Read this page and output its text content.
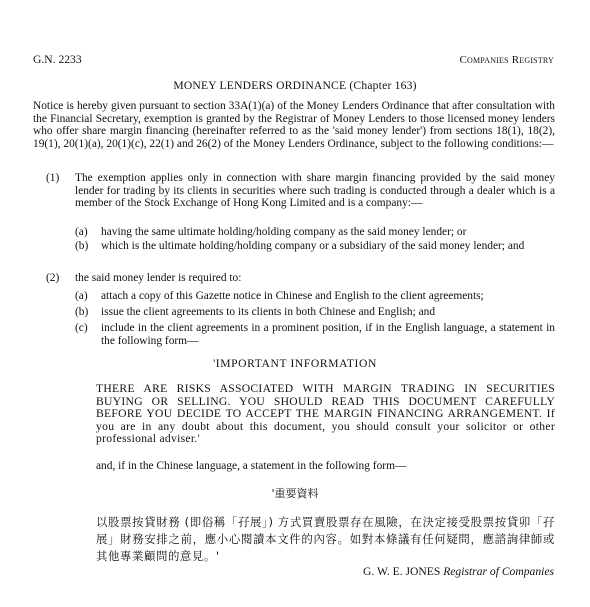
G.N. 2233	Companies Registry
MONEY LENDERS ORDINANCE (Chapter 163)
Notice is hereby given pursuant to section 33A(1)(a) of the Money Lenders Ordinance that after consultation with the Financial Secretary, exemption is granted by the Registrar of Money Lenders to those licensed money lenders who offer share margin financing (hereinafter referred to as the 'said money lender') from sections 18(1), 18(2), 19(1), 20(1)(a), 20(1)(c), 22(1) and 26(2) of the Money Lenders Ordinance, subject to the following conditions:—
(1) The exemption applies only in connection with share margin financing provided by the said money lender for trading by its clients in securities where such trading is conducted through a dealer which is a member of the Stock Exchange of Hong Kong Limited and is a company:—
(a) having the same ultimate holding/holding company as the said money lender; or
(b) which is the ultimate holding/holding company or a subsidiary of the said money lender; and
(2) the said money lender is required to:
(a) attach a copy of this Gazette notice in Chinese and English to the client agreements;
(b) issue the client agreements to its clients in both Chinese and English; and
(c) include in the client agreements in a prominent position, if in the English language, a statement in the following form—
'IMPORTANT INFORMATION
THERE ARE RISKS ASSOCIATED WITH MARGIN TRADING IN SECURITIES BUYING OR SELLING. YOU SHOULD READ THIS DOCUMENT CAREFULLY BEFORE YOU DECIDE TO ACCEPT THE MARGIN FINANCING ARRANGEMENT. If you are in any doubt about this document, you should consult your solicitor or other professional adviser.'
and, if in the Chinese language, a statement in the following form—
'重要資料
以股票按貸財務 (即俗稱「孖展」) 方式買賣股票存在風險，在決定接受股票按貸卯「孖展」財務安排之前，應小心閱讀本文件的內容。如對本條議有任何疑問，應諮詢律師或其他專業顧問的意見。'
G. W. E. JONES Registrar of Companies
